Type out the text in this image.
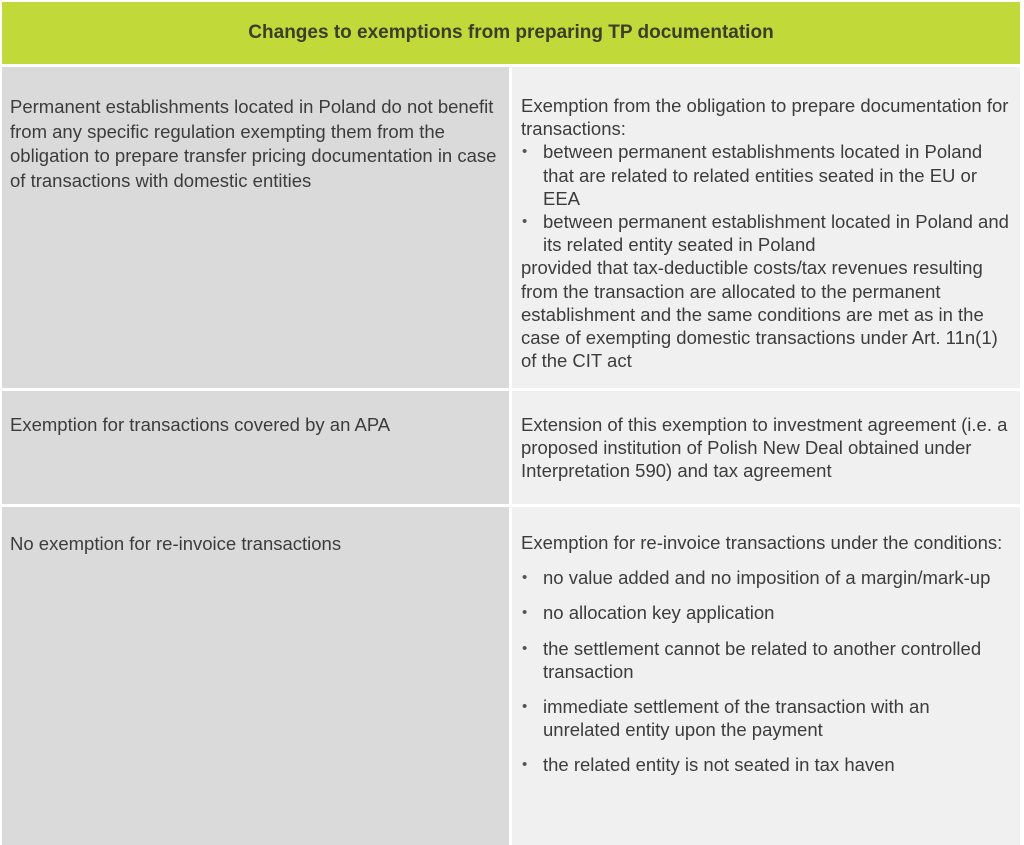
Changes to exemptions from preparing TP documentation
Permanent establishments located in Poland do not benefit from any specific regulation exempting them from the obligation to prepare transfer pricing documentation in case of transactions with domestic entities
Exemption from the obligation to prepare documentation for transactions:
• between permanent establishments located in Poland that are related to related entities seated in the EU or EEA
• between permanent establishment located in Poland and its related entity seated in Poland
provided that tax-deductible costs/tax revenues resulting from the transaction are allocated to the permanent establishment and the same conditions are met as in the case of exempting domestic transactions under Art. 11n(1) of the CIT act
Exemption for transactions covered by an APA	Extension of this exemption to investment agreement (i.e. a proposed institution of Polish New Deal obtained under Interpretation 590) and tax agreement
No exemption for re-invoice transactions	Exemption for re-invoice transactions under the conditions:
• no value added and no imposition of a margin/mark-up
• no allocation key application
• the settlement cannot be related to another controlled transaction
• immediate settlement of the transaction with an unrelated entity upon the payment
• the related entity is not seated in tax haven
